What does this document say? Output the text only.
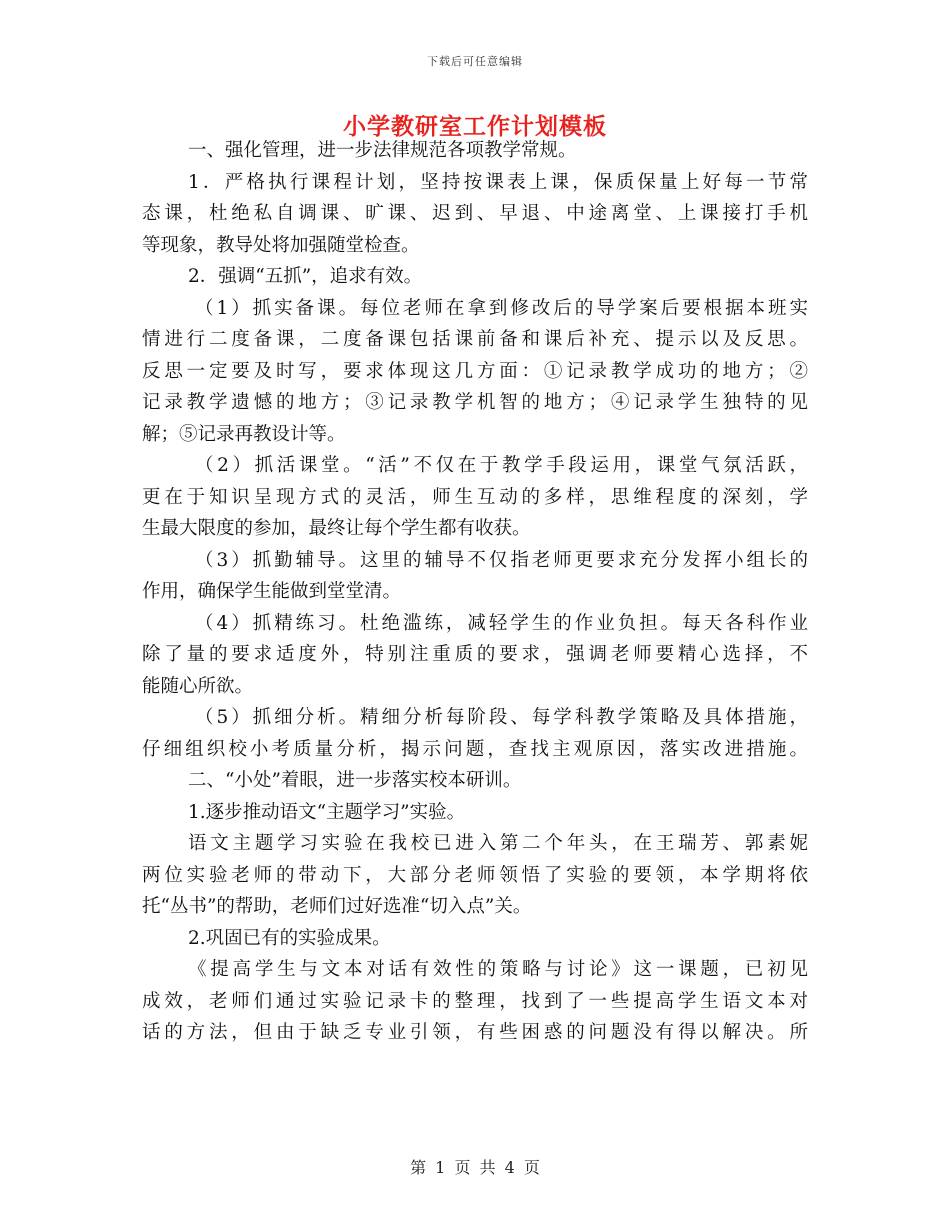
下载后可任意编辑
小学教研室工作计划模板
一、强化管理，进一步法律规范各项教学常规。
1．严格执行课程计划，坚持按课表上课，保质保量上好每一节常
态课，杜绝私自调课、旷课、迟到、早退、中途离堂、上课接打手机
等现象，教导处将加强随堂检查。
2．强调“五抓”，追求有效。
（1）抓实备课。每位老师在拿到修改后的导学案后要根据本班实
情进行二度备课，二度备课包括课前备和课后补充、提示以及反思。
反思一定要及时写，要求体现这几方面：①记录教学成功的地方；②
记录教学遗憾的地方；③记录教学机智的地方；④记录学生独特的见
解；⑤记录再教设计等。
（2）抓活课堂。“活”不仅在于教学手段运用，课堂气氛活跃，
更在于知识呈现方式的灵活，师生互动的多样，思维程度的深刻，学
生最大限度的参加，最终让每个学生都有收获。
（3）抓勤辅导。这里的辅导不仅指老师更要求充分发挥小组长的
作用，确保学生能做到堂堂清。
（4）抓精练习。杜绝滥练，减轻学生的作业负担。每天各科作业
除了量的要求适度外，特别注重质的要求，强调老师要精心选择，不
能随心所欲。
（5）抓细分析。精细分析每阶段、每学科教学策略及具体措施，
仔细组织校小考质量分析，揭示问题，查找主观原因，落实改进措施。
二、“小处”着眼，进一步落实校本研训。
1.逐步推动语文“主题学习”实验。
语文主题学习实验在我校已进入第二个年头，在王瑞芳、郭素妮
两位实验老师的带动下，大部分老师领悟了实验的要领，本学期将依
托“丛书”的帮助，老师们过好选准“切入点”关。
2.巩固已有的实验成果。
《提高学生与文本对话有效性的策略与讨论》这一课题，已初见
成效，老师们通过实验记录卡的整理，找到了一些提高学生语文本对
话的方法，但由于缺乏专业引领，有些困惑的问题没有得以解决。所
第 1 页 共 4 页
